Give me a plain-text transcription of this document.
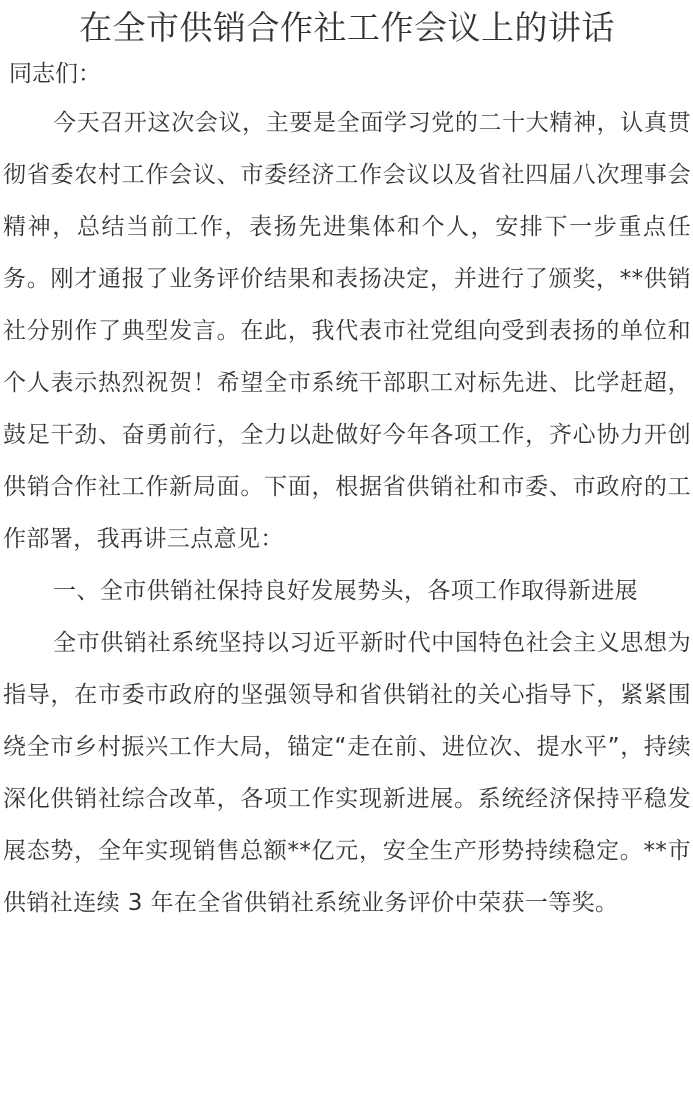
在全市供销合作社工作会议上的讲话

同志们：

今天召开这次会议，主要是全面学习党的二十大精神，认真贯彻省委农村工作会议、市委经济工作会议以及省社四届八次理事会精神，总结当前工作，表扬先进集体和个人，安排下一步重点任务。刚才通报了业务评价结果和表扬决定，并进行了颁奖，**供销社分别作了典型发言。在此，我代表市社党组向受到表扬的单位和个人表示热烈祝贺！希望全市系统干部职工对标先进、比学赶超，鼓足干劲、奋勇前行，全力以赴做好今年各项工作，齐心协力开创供销合作社工作新局面。下面，根据省供销社和市委、市政府的工作部署，我再讲三点意见：

一、全市供销社保持良好发展势头，各项工作取得新进展

全市供销社系统坚持以习近平新时代中国特色社会主义思想为指导，在市委市政府的坚强领导和省供销社的关心指导下，紧紧围绕全市乡村振兴工作大局，锚定“走在前、进位次、提水平”，持续深化供销社综合改革，各项工作实现新进展。系统经济保持平稳发展态势，全年实现销售总额**亿元，安全生产形势持续稳定。**市供销社连续 3 年在全省供销社系统业务评价中荣获一等奖。
